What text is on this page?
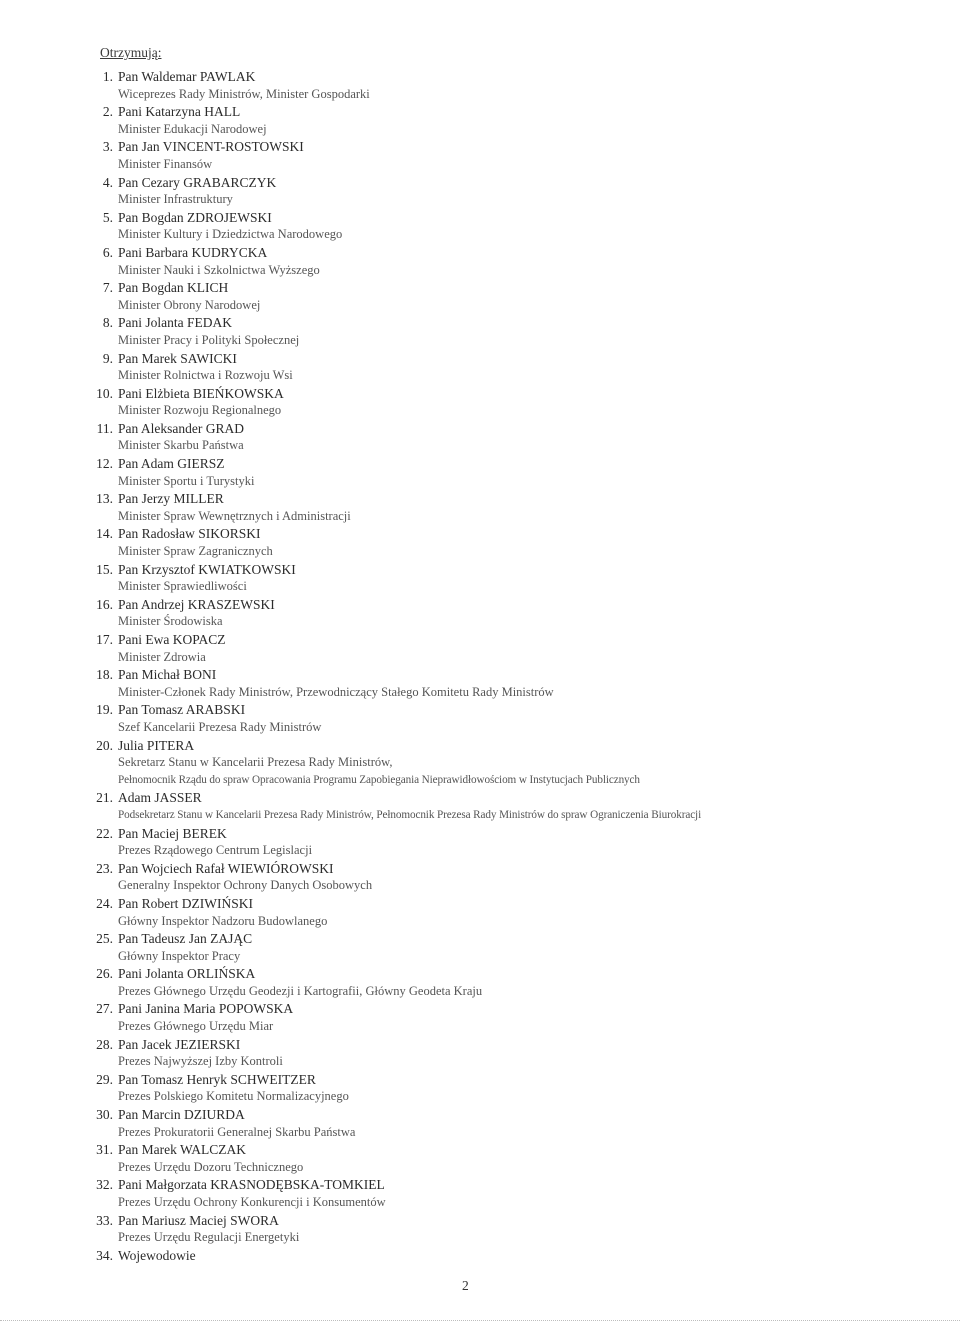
Otrzymują:
1. Pan Waldemar PAWLAK
Wiceprezes Rady Ministrów, Minister Gospodarki
2. Pani Katarzyna HALL
Minister Edukacji Narodowej
3. Pan Jan VINCENT-ROSTOWSKI
Minister Finansów
4. Pan Cezary GRABARCZYK
Minister Infrastruktury
5. Pan Bogdan ZDROJEWSKI
Minister Kultury i Dziedzictwa Narodowego
6. Pani Barbara KUDRYCKA
Minister Nauki i Szkolnictwa Wyższego
7. Pan Bogdan KLICH
Minister Obrony Narodowej
8. Pani Jolanta FEDAK
Minister Pracy i Polityki Społecznej
9. Pan Marek SAWICKI
Minister Rolnictwa i Rozwoju Wsi
10. Pani Elżbieta BIEŃKOWSKA
Minister Rozwoju Regionalnego
11. Pan Aleksander GRAD
Minister Skarbu Państwa
12. Pan Adam GIERSZ
Minister Sportu i Turystyki
13. Pan Jerzy MILLER
Minister Spraw Wewnętrznych i Administracji
14. Pan Radosław SIKORSKI
Minister Spraw Zagranicznych
15. Pan Krzysztof KWIATKOWSKI
Minister Sprawiedliwości
16. Pan Andrzej KRASZEWSKI
Minister Środowiska
17. Pani Ewa KOPACZ
Minister Zdrowia
18. Pan Michał BONI
Minister-Członek Rady Ministrów, Przewodniczący Stałego Komitetu Rady Ministrów
19. Pan Tomasz ARABSKI
Szef Kancelarii Prezesa Rady Ministrów
20. Julia PITERA
Sekretarz Stanu w Kancelarii Prezesa Rady Ministrów,
Pełnomocnik Rządu do spraw Opracowania Programu Zapobiegania Nieprawidłowościom w Instytucjach Publicznych
21. Adam JASSER
Podsekretarz Stanu w Kancelarii Prezesa Rady Ministrów, Pełnomocnik Prezesa Rady Ministrów do spraw Ograniczenia Biurokracji
22. Pan Maciej BEREK
Prezes Rządowego Centrum Legislacji
23. Pan Wojciech Rafał WIEWIÓROWSKI
Generalny Inspektor Ochrony Danych Osobowych
24. Pan Robert DZIWIŃSKI
Główny Inspektor Nadzoru Budowlanego
25. Pan Tadeusz Jan ZAJĄC
Główny Inspektor Pracy
26. Pani Jolanta ORLIŃSKA
Prezes Głównego Urzędu Geodezji i Kartografii, Główny Geodeta Kraju
27. Pani Janina Maria POPOWSKA
Prezes Głównego Urzędu Miar
28. Pan Jacek JEZIERSKI
Prezes Najwyższej Izby Kontroli
29. Pan Tomasz Henryk SCHWEITZER
Prezes Polskiego Komitetu Normalizacyjnego
30. Pan Marcin DZIURDA
Prezes Prokuratorii Generalnej Skarbu Państwa
31. Pan Marek WALCZAK
Prezes Urzędu Dozoru Technicznego
32. Pani Małgorzata KRASNODĘBSKA-TOMKIEL
Prezes Urzędu Ochrony Konkurencji i Konsumentów
33. Pan Mariusz Maciej SWORA
Prezes Urzędu Regulacji Energetyki
34. Wojewodowie
2
